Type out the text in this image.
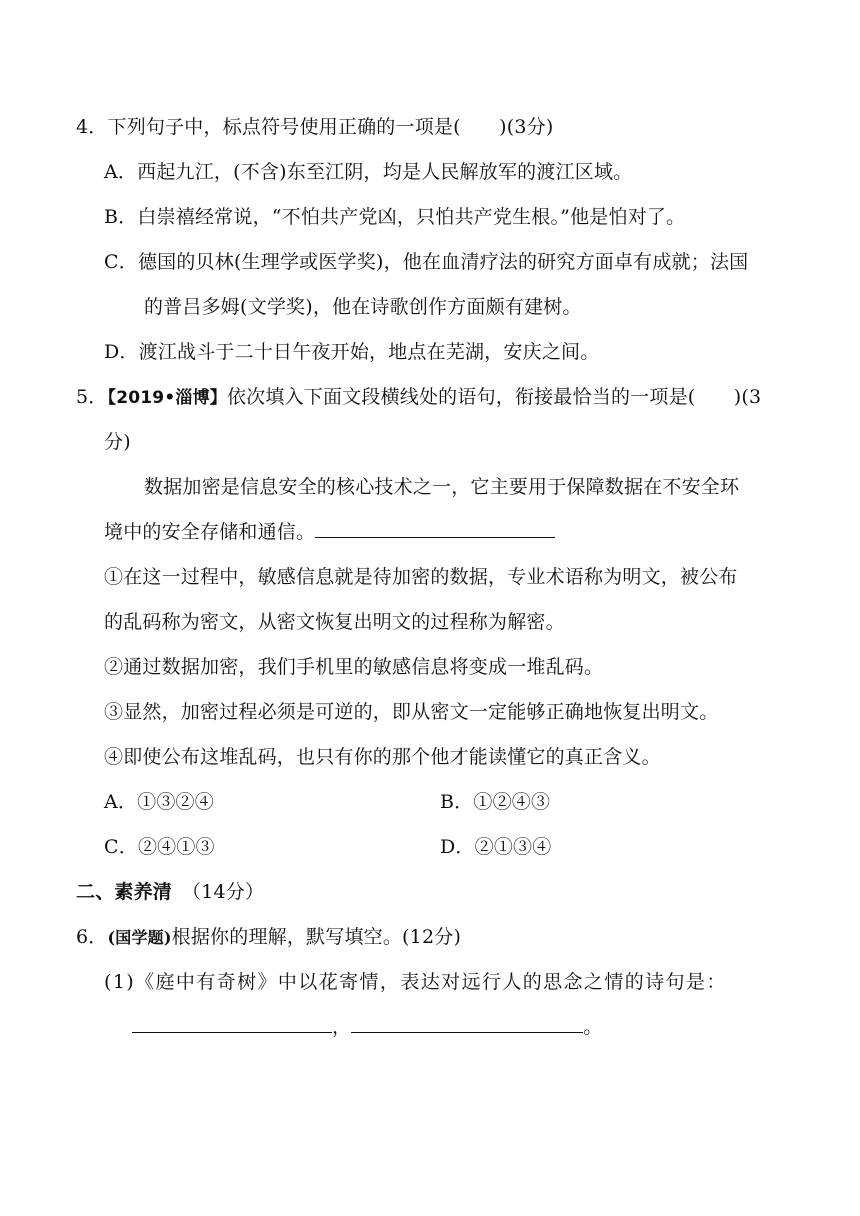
4．下列句子中，标点符号使用正确的一项是(　　)(3分)
A．西起九江，(不含)东至江阴，均是人民解放军的渡江区域。
B．白崇禧经常说，“不怕共产党凶，只怕共产党生根。”他是怕对了。
C．德国的贝林(生理学或医学奖)，他在血清疗法的研究方面卓有成就；法国
的普吕多姆(文学奖)，他在诗歌创作方面颇有建树。
D．渡江战斗于二十日午夜开始，地点在芜湖，安庆之间。
5．【2019•淄博】依次填入下面文段横线处的语句，衔接最恰当的一项是(　　)(3
分)
数据加密是信息安全的核心技术之一，它主要用于保障数据在不安全环
境中的安全存储和通信。
①在这一过程中，敏感信息就是待加密的数据，专业术语称为明文，被公布
的乱码称为密文，从密文恢复出明文的过程称为解密。
②通过数据加密，我们手机里的敏感信息将变成一堆乱码。
③显然，加密过程必须是可逆的，即从密文一定能够正确地恢复出明文。
④即使公布这堆乱码，也只有你的那个他才能读懂它的真正含义。
A．①③②④	B．①②④③
C．②④①③	D．②①③④
二、素养清 （14分）
6．(国学题)根据你的理解，默写填空。(12分)
(1)《庭中有奇树》中以花寄情，表达对远行人的思念之情的诗句是：
，	。
